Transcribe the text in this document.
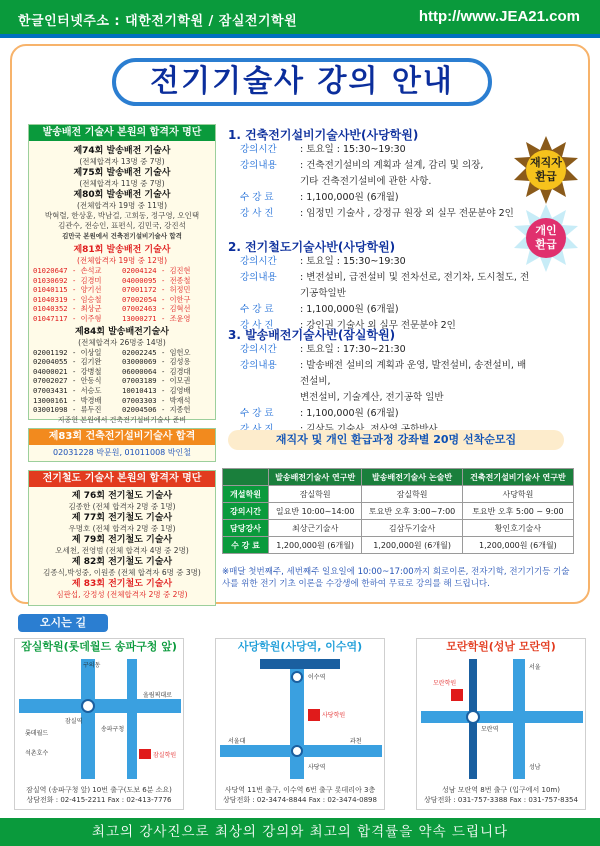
한글인터넷주소 : 대한전기학원 / 잠실전기학원	http://www.JEA21.com
전기기술사 강의 안내
발송배전 기술사 본원의 합격자 명단
제74회 발송배전 기술사
(전체합격자 13명 중 7명)
제75회 발송배전 기술사
(전체합격자 11명 중 7명)
제80회 발송배전 기술사
(전체합격자 19명 중 11명)
박혁렬, 한상훈, 박남걸, 고희동, 정구영, 오인택
김관수, 전승인, 표편식, 김민국, 강진석
김만국 본원에서 건축전기설비기술사 합격
제81회 발송배전 기술사
(전체합격자 19명 중 12명)
01020647 - 손석교	02004124 - 김진현
01030692 - 김경미	04000095 - 전종철
01040115 - 양기선	07001172 - 허정민
01040319 - 임승철	07002054 - 이한구
01040352 - 최상군	07002463 - 김혁선
01047117 - 이주형	13000271 - 조윤영
제84회 발송배전기술사
(전체합격자 26명중 14명)
02001192 - 이상일	02002245 - 임헌오
02004055 - 김기완	03000069 - 김성용
04000021 - 강병철	06000064 - 김경대
07002027 - 안동식	07003189 - 이모권
07003431 - 서승도	10010413 - 김영배
13000161 - 박경배	07003303 - 박재석
03001098 - 류두진	02004506 - 지종헌
지종헌 본원에서 건축전기설비기술사 준비
제83회 건축전기설비기술사 합격
02031228 박문원, 01011008 박인철
전기철도 기술사 본원의 합격자 명단
제 76회 전기철도 기술사
김종한 (전체 합격자 2명 중 1명)
제 77회 전기철도 기술사
우명호 (전체 합격자 2명 중 1명)
제 79회 전기철도 기술사
오세천, 전영범 (전체 합격자 4명 중 2명)
제 82회 전기철도 기술사
김종식,박성중, 이원종 (전체 합격자 6명 중 3명)
제 83회 전기철도 기술사
심판섭, 강정성 (전체합격자 2명 중 2명)
1. 건축전기설비기술사반(사당학원)
강의시간	: 토요일 : 15:30~19:30
강의내용	: 건축전기설비의 계획과 설계, 감리 및 의장,
기타 건축전기설비에 관한 사항.
수 강 료	: 1,100,000원 (6개월)
강 사 진	: 임정민 기술사 , 강정규 원장 외 실무 전문분야 2인
2. 전기철도기술사반(사당학원)
강의시간	: 토요일 : 15:30~19:30
강의내용	: 변전설비, 급전설비 및 전차선로, 전기차, 도시철도, 전기공학일반
수 강 료	: 1,100,000원 (6개월)
강 사 진	: 강인권 기술사 외 실무 전문분야 2인
3. 발송배전기술사반(잠실학원)
강의시간	: 토요일 : 17:30~21:30
강의내용	: 발송배전 설비의 계획과 운영, 발전설비, 송전설비, 배전설비,
변전설비, 기술계산, 전기공학 일반
수 강 료	: 1,100,000원 (6개월)
재직자
환급
개인
환급
재직자 및 개인 환급과정 강좌별 20명 선착순모집
	발송배전기술사 연구반	발송배전기술사 논술반	건축전기설비기술사 연구반
개설학원	잠실학원	잠실학원	사당학원
강의시간	일요반 10:00~14:00	토요반 오후 3:00~7:00	토요반 오후 5:00 ~ 9:00
담당강사	최상근기술사	김삼두기술사	황인호기술사
수 강 료	1,200,000원 (6개월)	1,200,000원 (6개월)	1,200,000원 (6개월)
※매달 첫번째주, 세번째주 일요일에 10:00~17:00까지 회로이론, 전자기학, 전기기기등 기술사를 위한 전기 기초 이론을 수강생에 한하여 무료로 강의를 해 드립니다.
오시는 길
잠실학원(롯데월드 송파구청 앞)
구의동
올림픽대로
잠실역
송파구청
롯데월드
석촌호수	잠실학원
잠실역 (송파구청 앞) 10번 출구(도보 6분 소요)
상담전화 : 02-415-2211 Fax : 02-413-7776
사당학원(사당역, 이수역)
이수역
사당역
서울대	과천
사당학원
사당역 11번 출구, 이수역 6번 출구 롯데리아 3층
상담전화 : 02-3474-8844 Fax : 02-3474-0898
모란학원(성남 모란역)
모란역
성남
서울
모란학원
성남 모란역 8번 출구 (입구에서 10m)
상담전화 : 031-757-3388 Fax : 031-757-8354
최고의 강사진으로 최상의 강의와 최고의 합격률을 약속 드립니다
